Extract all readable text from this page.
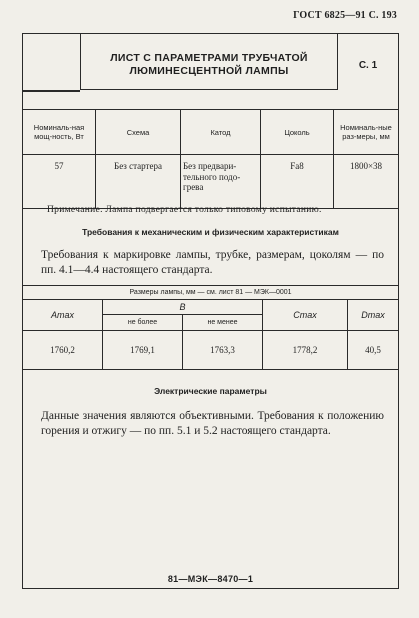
ГОСТ 6825—91 С. 193
ЛИСТ С ПАРАМЕТРАМИ ТРУБЧАТОЙ
ЛЮМИНЕСЦЕНТНОЙ ЛАМПЫ	С. 1
Номиналь-ная мощ-ность, Вт	Схема	Катод	Цоколь	Номиналь-ные раз-меры, мм
57	Без стартера	Без предвари-тельного подо-грева	Fa8	1800×38
Примечание. Лампа подвергается только типовому испытанию.
Требования к механическим и физическим характеристикам
Требования к маркировке лампы, трубке, размерам, цоколям — по пп. 4.1—4.4 настоящего стандарта.
Размеры лампы, мм — см. лист 81 — МЭК—0001				
Amax	B		Cmax	Dmax
	не более	не менее		
1760,2	1769,1	1763,3	1778,2	40,5
Электрические параметры
Данные значения являются объективными. Требования к положению горения и отжигу — по пп. 5.1 и 5.2 настоящего стандарта.
81—МЭК—8470—1
